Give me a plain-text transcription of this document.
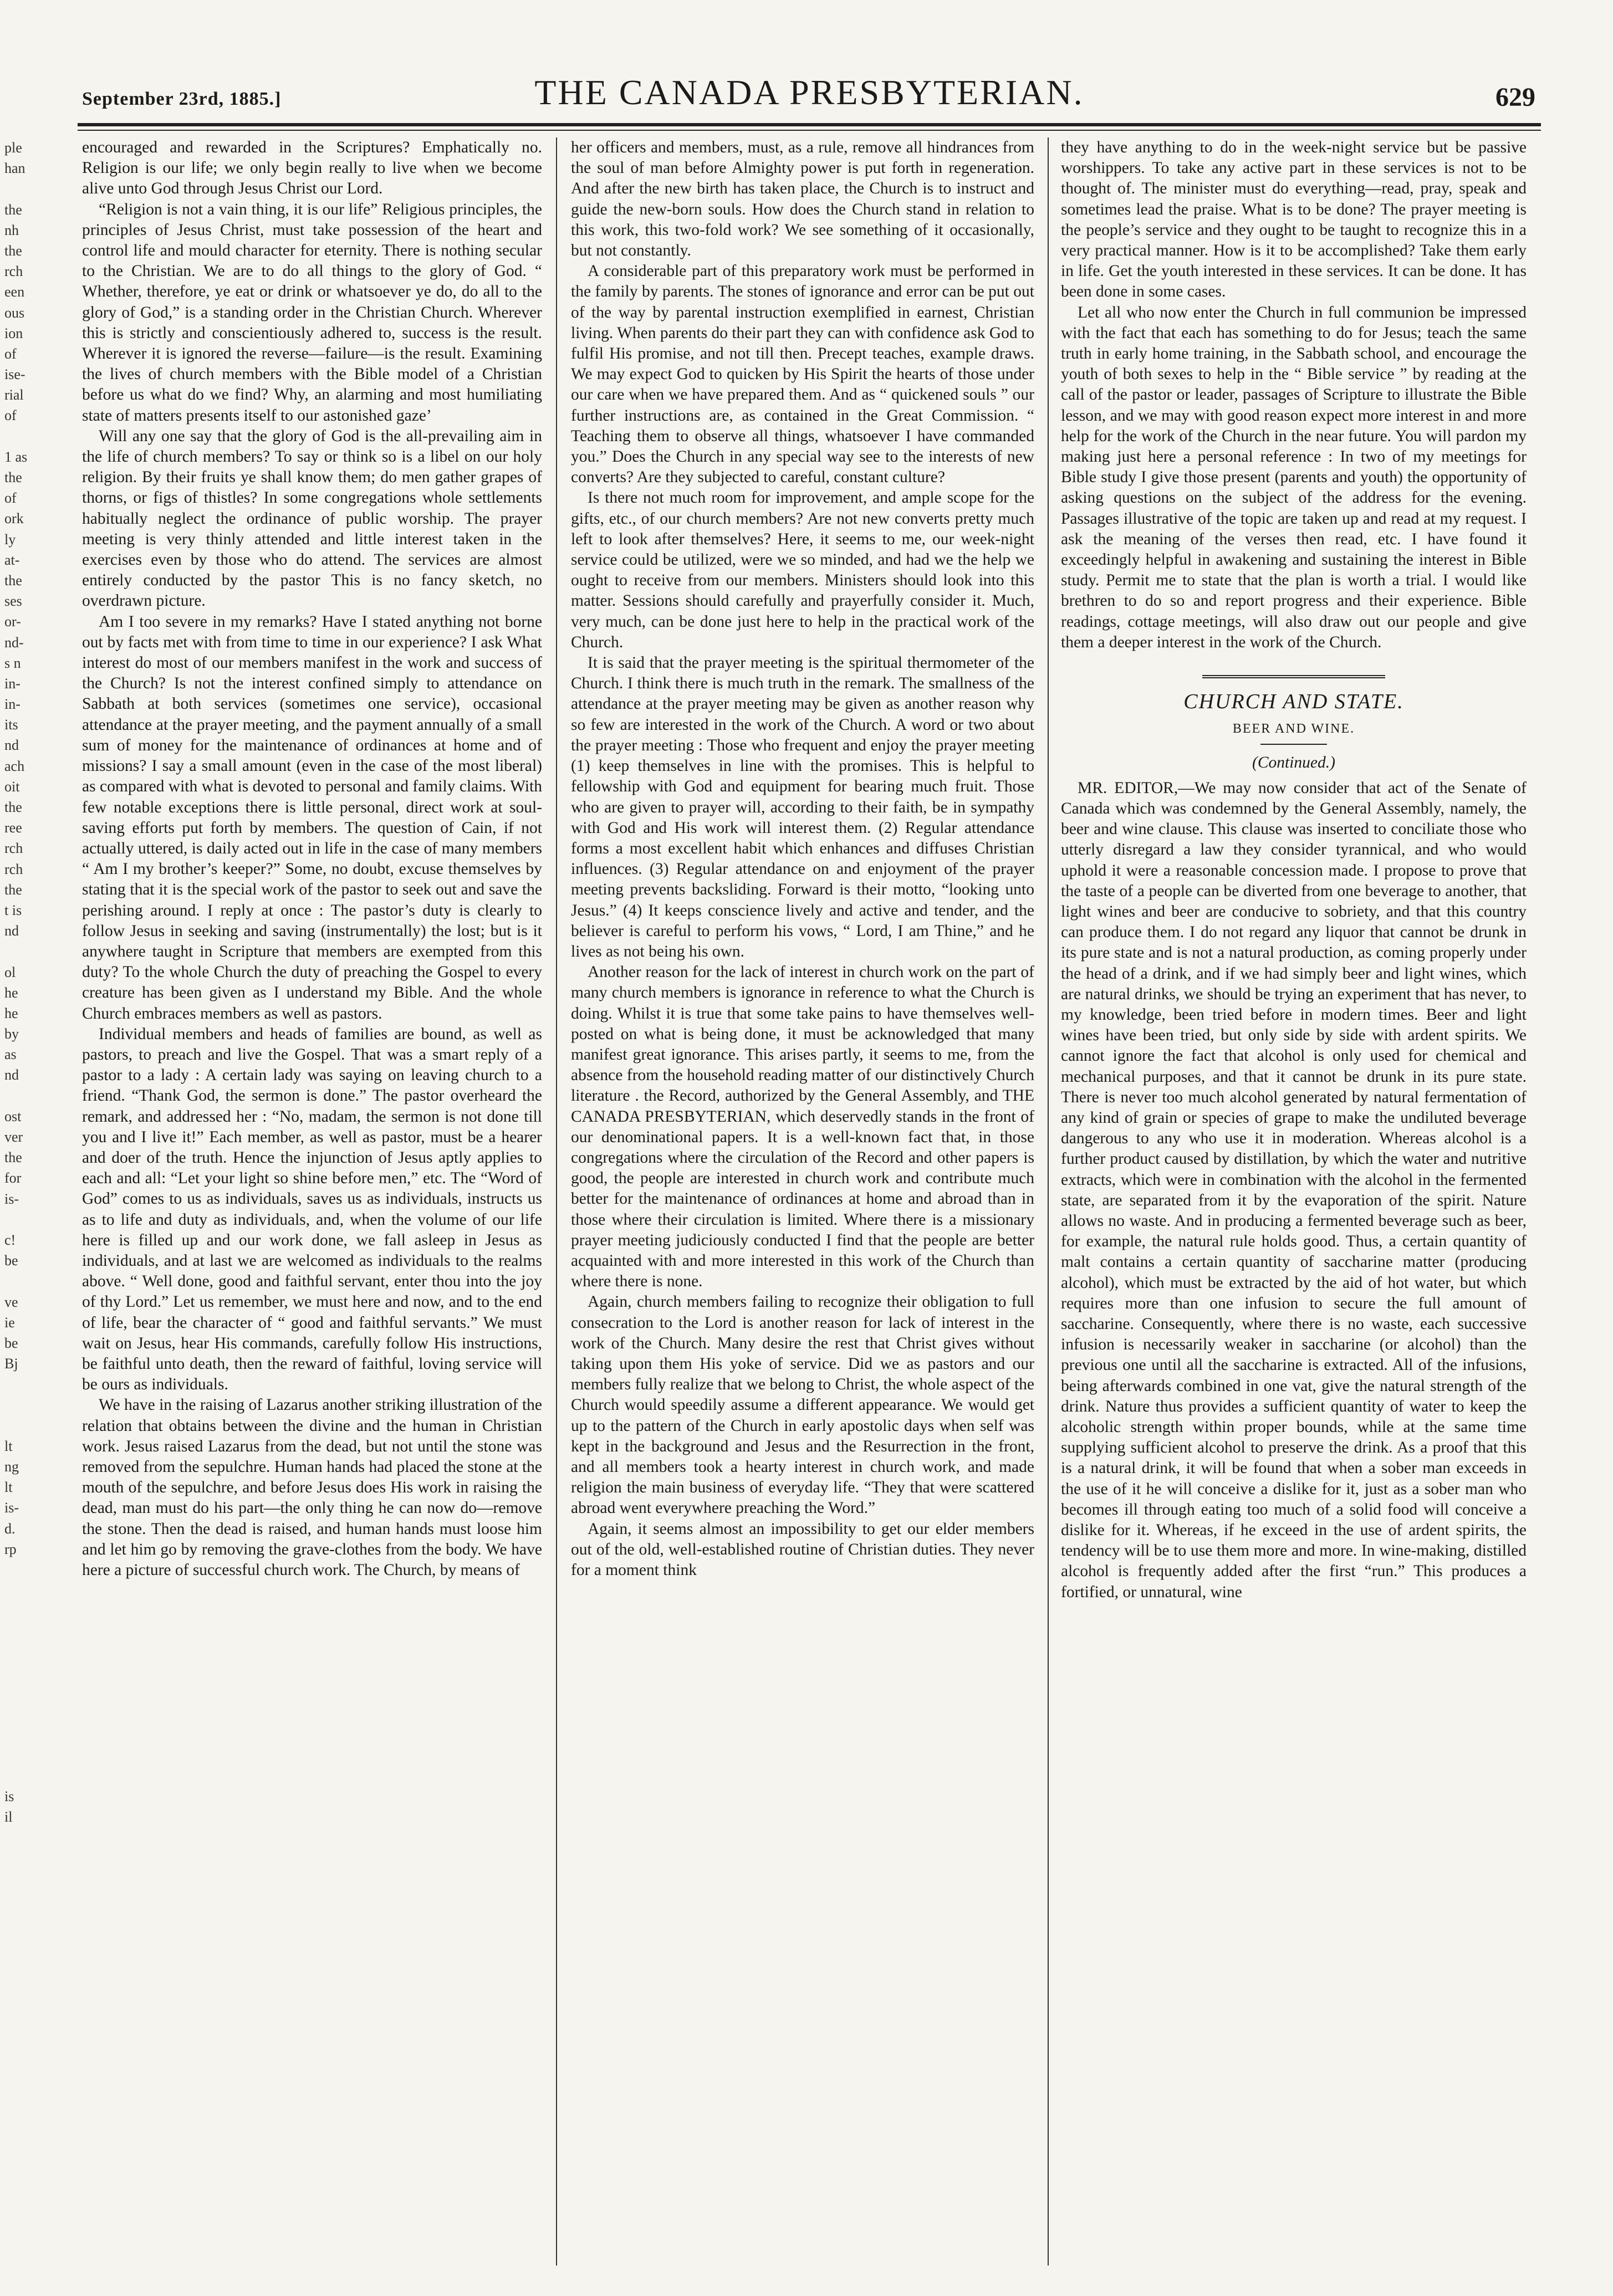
September 23rd, 1885.]	THE CANADA PRESBYTERIAN.	629
ple
han
the
nh
the
rch
een
ous
ion
of
ise-
rial
of
1 as
the
of
ork
ly
at-
the
ses
or-
nd-
s n
in-
in-
its
nd
ach
oit
the
ree
rch
rch
the
t is
nd
ol
he
he
by
as
nd
ost
ver
the
for
is-
c!
be
ve
ie
be
Bj
lt
ng
lt
is-
d.
rp
is
il

encouraged and rewarded in the Scriptures? Emphatically no. Religion is our life; we only begin really to live when we become alive unto God through Jesus Christ our Lord.

“Religion is not a vain thing, it is our life” Religious principles, the principles of Jesus Christ, must take possession of the heart and control life and mould character for eternity. There is nothing secular to the Christian. We are to do all things to the glory of God. “ Whether, therefore, ye eat or drink or whatsoever ye do, do all to the glory of God,” is a standing order in the Christian Church. Wherever this is strictly and conscientiously adhered to, success is the result. Wherever it is ignored the reverse—failure—is the result. Examining the lives of church members with the Bible model of a Christian before us what do we find? Why, an alarming and most humiliating state of matters presents itself to our astonished gaze’

Will any one say that the glory of God is the all-prevailing aim in the life of church members? To say or think so is a libel on our holy religion. By their fruits ye shall know them; do men gather grapes of thorns, or figs of thistles? In some congregations whole settlements habitually neglect the ordinance of public worship. The prayer meeting is very thinly attended and little interest taken in the exercises even by those who do attend. The services are almost entirely conducted by the pastor This is no fancy sketch, no overdrawn picture.

Am I too severe in my remarks? Have I stated anything not borne out by facts met with from time to time in our experience? I ask What interest do most of our members manifest in the work and success of the Church? Is not the interest confined simply to attendance on Sabbath at both services (sometimes one service), occasional attendance at the prayer meeting, and the payment annually of a small sum of money for the maintenance of ordinances at home and of missions? I say a small amount (even in the case of the most liberal) as compared with what is devoted to personal and family claims. With few notable exceptions there is little personal, direct work at soul-saving efforts put forth by members. The question of Cain, if not actually uttered, is daily acted out in life in the case of many members “ Am I my brother’s keeper?” Some, no doubt, excuse themselves by stating that it is the special work of the pastor to seek out and save the perishing around. I reply at once : The pastor’s duty is clearly to follow Jesus in seeking and saving (instrumentally) the lost; but is it anywhere taught in Scripture that members are exempted from this duty? To the whole Church the duty of preaching the Gospel to every creature has been given as I understand my Bible. And the whole Church embraces members as well as pastors.

Individual members and heads of families are bound, as well as pastors, to preach and live the Gospel. That was a smart reply of a pastor to a lady : A certain lady was saying on leaving church to a friend. “Thank God, the sermon is done.” The pastor overheard the remark, and addressed her : “No, madam, the sermon is not done till you and I live it!” Each member, as well as pastor, must be a hearer and doer of the truth. Hence the injunction of Jesus aptly applies to each and all: “Let your light so shine before men,” etc. The “Word of God” comes to us as individuals, saves us as individuals, instructs us as to life and duty as individuals, and, when the volume of our life here is filled up and our work done, we fall asleep in Jesus as individuals, and at last we are welcomed as individuals to the realms above. “ Well done, good and faithful servant, enter thou into the joy of thy Lord.” Let us remember, we must here and now, and to the end of life, bear the character of “ good and faithful servants.” We must wait on Jesus, hear His commands, carefully follow His instructions, be faithful unto death, then the reward of faithful, loving service will be ours as individuals.

We have in the raising of Lazarus another striking illustration of the relation that obtains between the divine and the human in Christian work. Jesus raised Lazarus from the dead, but not until the stone was removed from the sepulchre. Human hands had placed the stone at the mouth of the sepulchre, and before Jesus does His work in raising the dead, man must do his part—the only thing he can now do—remove the stone. Then the dead is raised, and human hands must loose him and let him go by removing the grave-clothes from the body. We have here a picture of successful church work. The Church, by means of

her officers and members, must, as a rule, remove all hindrances from the soul of man before Almighty power is put forth in regeneration. And after the new birth has taken place, the Church is to instruct and guide the new-born souls. How does the Church stand in relation to this work, this two-fold work? We see something of it occasionally, but not constantly.

A considerable part of this preparatory work must be performed in the family by parents. The stones of ignorance and error can be put out of the way by parental instruction exemplified in earnest, Christian living. When parents do their part they can with confidence ask God to fulfil His promise, and not till then. Precept teaches, example draws. We may expect God to quicken by His Spirit the hearts of those under our care when we have prepared them. And as “ quickened souls ” our further instructions are, as contained in the Great Commission. “ Teaching them to observe all things, whatsoever I have commanded you.” Does the Church in any special way see to the interests of new converts? Are they subjected to careful, constant culture?

Is there not much room for improvement, and ample scope for the gifts, etc., of our church members? Are not new converts pretty much left to look after themselves? Here, it seems to me, our week-night service could be utilized, were we so minded, and had we the help we ought to receive from our members. Ministers should look into this matter. Sessions should carefully and prayerfully consider it. Much, very much, can be done just here to help in the practical work of the Church.

It is said that the prayer meeting is the spiritual thermometer of the Church. I think there is much truth in the remark. The smallness of the attendance at the prayer meeting may be given as another reason why so few are interested in the work of the Church. A word or two about the prayer meeting : Those who frequent and enjoy the prayer meeting (1) keep themselves in line with the promises. This is helpful to fellowship with God and equipment for bearing much fruit. Those who are given to prayer will, according to their faith, be in sympathy with God and His work will interest them. (2) Regular attendance forms a most excellent habit which enhances and diffuses Christian influences. (3) Regular attendance on and enjoyment of the prayer meeting prevents backsliding. Forward is their motto, “looking unto Jesus.” (4) It keeps conscience lively and active and tender, and the believer is careful to perform his vows, “ Lord, I am Thine,” and he lives as not being his own.

Another reason for the lack of interest in church work on the part of many church members is ignorance in reference to what the Church is doing. Whilst it is true that some take pains to have themselves well-posted on what is being done, it must be acknowledged that many manifest great ignorance. This arises partly, it seems to me, from the absence from the household reading matter of our distinctively Church literature . the Record, authorized by the General Assembly, and THE CANADA PRESBYTERIAN, which deservedly stands in the front of our denominational papers. It is a well-known fact that, in those congregations where the circulation of the Record and other papers is good, the people are interested in church work and contribute much better for the maintenance of ordinances at home and abroad than in those where their circulation is limited. Where there is a missionary prayer meeting judiciously conducted I find that the people are better acquainted with and more interested in this work of the Church than where there is none.

Again, church members failing to recognize their obligation to full consecration to the Lord is another reason for lack of interest in the work of the Church. Many desire the rest that Christ gives without taking upon them His yoke of service. Did we as pastors and our members fully realize that we belong to Christ, the whole aspect of the Church would speedily assume a different appearance. We would get up to the pattern of the Church in early apostolic days when self was kept in the background and Jesus and the Resurrection in the front, and all members took a hearty interest in church work, and made religion the main business of everyday life. “They that were scattered abroad went everywhere preaching the Word.”

Again, it seems almost an impossibility to get our elder members out of the old, well-established routine of Christian duties. They never for a moment think

they have anything to do in the week-night service but be passive worshippers. To take any active part in these services is not to be thought of. The minister must do everything—read, pray, speak and sometimes lead the praise. What is to be done? The prayer meeting is the people’s service and they ought to be taught to recognize this in a very practical manner. How is it to be accomplished? Take them early in life. Get the youth interested in these services. It can be done. It has been done in some cases.

Let all who now enter the Church in full communion be impressed with the fact that each has something to do for Jesus; teach the same truth in early home training, in the Sabbath school, and encourage the youth of both sexes to help in the “ Bible service ” by reading at the call of the pastor or leader, passages of Scripture to illustrate the Bible lesson, and we may with good reason expect more interest in and more help for the work of the Church in the near future. You will pardon my making just here a personal reference : In two of my meetings for Bible study I give those present (parents and youth) the opportunity of asking questions on the subject of the address for the evening. Passages illustrative of the topic are taken up and read at my request. I ask the meaning of the verses then read, etc. I have found it exceedingly helpful in awakening and sustaining the interest in Bible study. Permit me to state that the plan is worth a trial. I would like brethren to do so and report progress and their experience. Bible readings, cottage meetings, will also draw out our people and give them a deeper interest in the work of the Church.

CHURCH AND STATE.
BEER AND WINE.
(Continued.)

MR. EDITOR,—We may now consider that act of the Senate of Canada which was condemned by the General Assembly, namely, the beer and wine clause. This clause was inserted to conciliate those who utterly disregard a law they consider tyrannical, and who would uphold it were a reasonable concession made. I propose to prove that the taste of a people can be diverted from one beverage to another, that light wines and beer are conducive to sobriety, and that this country can produce them. I do not regard any liquor that cannot be drunk in its pure state and is not a natural production, as coming properly under the head of a drink, and if we had simply beer and light wines, which are natural drinks, we should be trying an experiment that has never, to my knowledge, been tried before in modern times. Beer and light wines have been tried, but only side by side with ardent spirits. We cannot ignore the fact that alcohol is only used for chemical and mechanical purposes, and that it cannot be drunk in its pure state. There is never too much alcohol generated by natural fermentation of any kind of grain or species of grape to make the undiluted beverage dangerous to any who use it in moderation. Whereas alcohol is a further product caused by distillation, by which the water and nutritive extracts, which were in combination with the alcohol in the fermented state, are separated from it by the evaporation of the spirit. Nature allows no waste. And in producing a fermented beverage such as beer, for example, the natural rule holds good. Thus, a certain quantity of malt contains a certain quantity of saccharine matter (producing alcohol), which must be extracted by the aid of hot water, but which requires more than one infusion to secure the full amount of saccharine. Consequently, where there is no waste, each successive infusion is necessarily weaker in saccharine (or alcohol) than the previous one until all the saccharine is extracted. All of the infusions, being afterwards combined in one vat, give the natural strength of the drink. Nature thus provides a sufficient quantity of water to keep the alcoholic strength within proper bounds, while at the same time supplying sufficient alcohol to preserve the drink. As a proof that this is a natural drink, it will be found that when a sober man exceeds in the use of it he will conceive a dislike for it, just as a sober man who becomes ill through eating too much of a solid food will conceive a dislike for it. Whereas, if he exceed in the use of ardent spirits, the tendency will be to use them more and more. In wine-making, distilled alcohol is frequently added after the first “run.” This produces a fortified, or unnatural, wine
